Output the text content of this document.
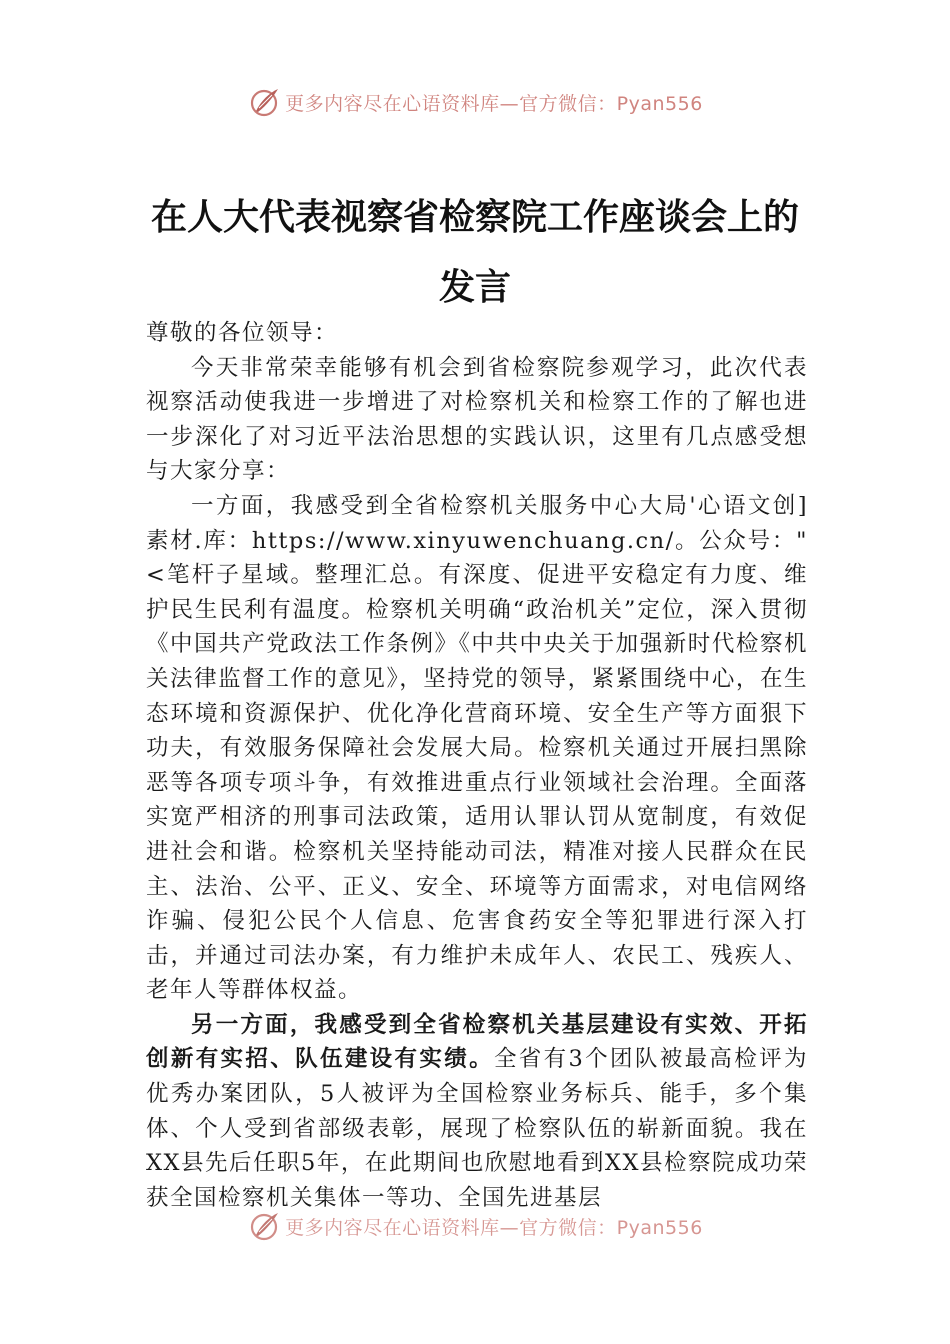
更多内容尽在心语资料库—官方微信：Pyan556
在人大代表视察省检察院工作座谈会上的发言

尊敬的各位领导：

今天非常荣幸能够有机会到省检察院参观学习，此次代表视察活动使我进一步增进了对检察机关和检察工作的了解也进一步深化了对习近平法治思想的实践认识，这里有几点感受想与大家分享：

一方面，我感受到全省检察机关服务中心大局'心语文创]素材.库：https://www.xinyuwenchuang.cn/。公众号："<笔杆子星域。整理汇总。有深度、促进平安稳定有力度、维护民生民利有温度。检察机关明确“政治机关”定位，深入贯彻《中国共产党政法工作条例》《中共中央关于加强新时代检察机关法律监督工作的意见》，坚持党的领导，紧紧围绕中心，在生态环境和资源保护、优化净化营商环境、安全生产等方面狠下功夫，有效服务保障社会发展大局。检察机关通过开展扫黑除恶等各项专项斗争，有效推进重点行业领域社会治理。全面落实宽严相济的刑事司法政策，适用认罪认罚从宽制度，有效促进社会和谐。检察机关坚持能动司法，精准对接人民群众在民主、法治、公平、正义、安全、环境等方面需求，对电信网络诈骗、侵犯公民个人信息、危害食药安全等犯罪进行深入打击，并通过司法办案，有力维护未成年人、农民工、残疾人、老年人等群体权益。

另一方面，我感受到全省检察机关基层建设有实效、开拓创新有实招、队伍建设有实绩。全省有3个团队被最高检评为优秀办案团队，5人被评为全国检察业务标兵、能手，多个集体、个人受到省部级表彰，展现了检察队伍的崭新面貌。我在XX县先后任职5年，在此期间也欣慰地看到XX县检察院成功荣获全国检察机关集体一等功、全国先进基层

更多内容尽在心语资料库—官方微信：Pyan556
